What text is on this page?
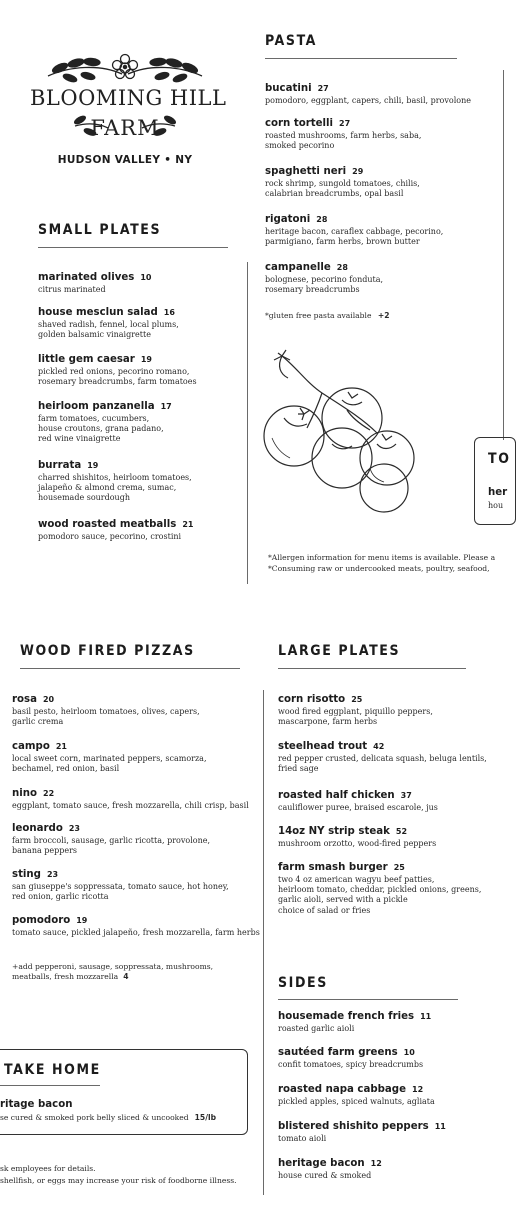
BLOOMING HILL
FARM
HUDSON VALLEY • NY
SMALL PLATES
marinated olives 10
citrus marinated
house mesclun salad 16
shaved radish, fennel, local plums,
golden balsamic vinaigrette
little gem caesar 19
pickled red onions, pecorino romano,
rosemary breadcrumbs, farm tomatoes
heirloom panzanella 17
farm tomatoes, cucumbers,
house croutons, grana padano,
red wine vinaigrette
burrata 19
charred shishitos, heirloom tomatoes,
jalapeño & almond crema, sumac,
housemade sourdough
wood roasted meatballs 21
pomodoro sauce, pecorino, crostini
PASTA
bucatini 27
pomodoro, eggplant, capers, chili, basil, provolone
corn tortelli 27
roasted mushrooms, farm herbs, saba,
smoked pecorino
spaghetti neri 29
rock shrimp, sungold tomatoes, chilis,
calabrian breadcrumbs, opal basil
rigatoni 28
heritage bacon, caraflex cabbage, pecorino,
parmigiano, farm herbs, brown butter
campanelle 28
bolognese, pecorino fonduta,
rosemary breadcrumbs
*gluten free pasta available +2
TO
her
hou
*Allergen information for menu items is available. Please a
*Consuming raw or undercooked meats, poultry, seafood,
WOOD FIRED PIZZAS
rosa 20
basil pesto, heirloom tomatoes, olives, capers,
garlic crema
campo 21
local sweet corn, marinated peppers, scamorza,
bechamel, red onion, basil
nino 22
eggplant, tomato sauce, fresh mozzarella, chili crisp, basil
leonardo 23
farm broccoli, sausage, garlic ricotta, provolone,
banana peppers
sting 23
san giuseppe's soppressata, tomato sauce, hot honey,
red onion, garlic ricotta
pomodoro 19
tomato sauce, pickled jalapeño, fresh mozzarella, farm herbs

+add pepperoni, sausage, soppressata, mushrooms,
meatballs, fresh mozzarella 4

TAKE HOME
ritage bacon
se cured & smoked pork belly sliced & uncooked 15/lb
sk employees for details.
shellfish, or eggs may increase your risk of foodborne illness.
LARGE PLATES
corn risotto 25
wood fired eggplant, piquillo peppers,
mascarpone, farm herbs
steelhead trout 42
red pepper crusted, delicata squash, beluga lentils,
fried sage
roasted half chicken 37
cauliflower puree, braised escarole, jus
14oz NY strip steak 52
mushroom orzotto, wood-fired peppers
farm smash burger 25
two 4 oz american wagyu beef patties,
heirloom tomato, cheddar, pickled onions, greens,
garlic aioli, served with a pickle
choice of salad or fries
SIDES
housemade french fries 11
roasted garlic aioli
sautéed farm greens 10
confit tomatoes, spicy breadcrumbs
roasted napa cabbage 12
pickled apples, spiced walnuts, agliata
blistered shishito peppers 11
tomato aioli
heritage bacon 12
house cured & smoked
